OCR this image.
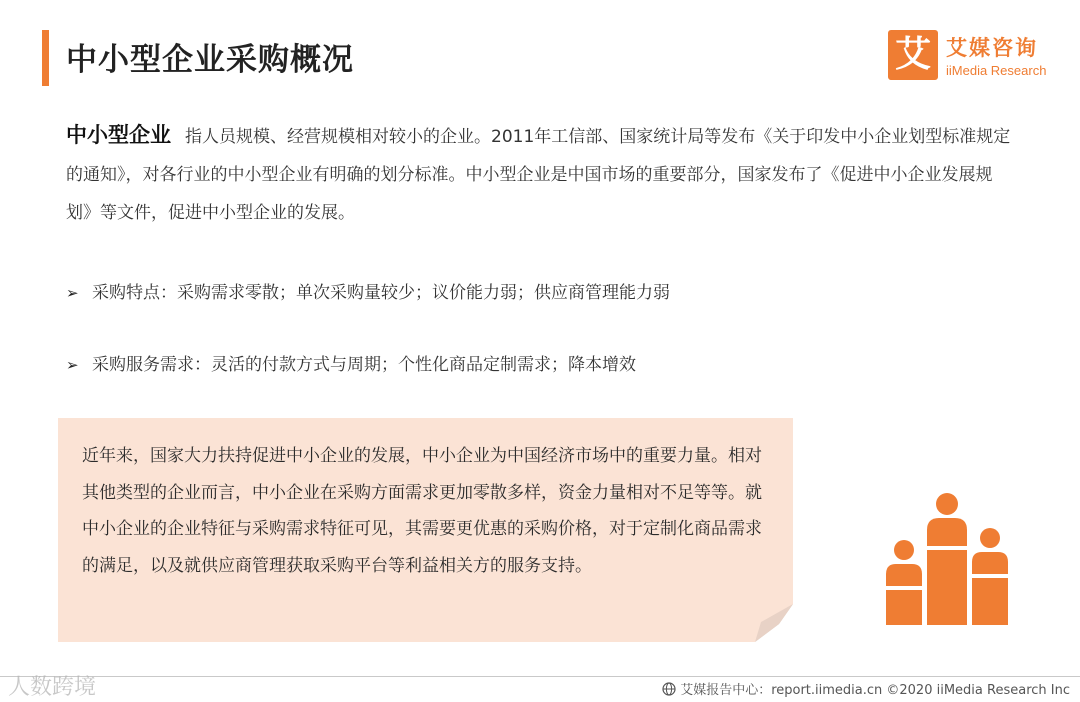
中小型企业采购概况	艾 艾媒咨询
iiMedia Research

中小型企业 指人员规模、经营规模相对较小的企业。2011年工信部、国家统计局等发布《关于印发中小企业划型标准规定的通知》，对各行业的中小型企业有明确的划分标准。中小型企业是中国市场的重要部分，国家发布了《促进中小企业发展规划》等文件，促进中小型企业的发展。

➢ 采购特点：采购需求零散；单次采购量较少；议价能力弱；供应商管理能力弱
➢ 采购服务需求：灵活的付款方式与周期；个性化商品定制需求；降本增效

近年来，国家大力扶持促进中小企业的发展，中小企业为中国经济市场中的重要力量。相对其他类型的企业而言，中小企业在采购方面需求更加零散多样，资金力量相对不足等等。就中小企业的企业特征与采购需求特征可见，其需要更优惠的采购价格，对于定制化商品需求的满足，以及就供应商管理获取采购平台等利益相关方的服务支持。

人数跨境	艾媒报告中心：report.iimedia.cn ©2020 iiMedia Research Inc
